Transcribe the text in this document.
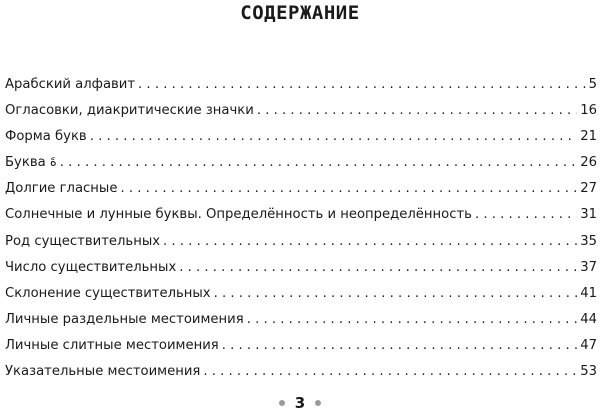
СОДЕРЖАНИЕ
Арабский алфавит . . .	5
Огласовки, диакритические значки . . .	16
Форма букв . . .	21
Буква ةَ . . .	26
Долгие гласные . . .	27
Солнечные и лунные буквы. Определённость и неопределённость . . .	31
Род существительных . . .	35
Число существительных . . .	37
Склонение существительных . . .	41
Личные раздельные местоимения . . .	44
Личные слитные местоимения . . .	47
Указательные местоимения . . .	53
3
